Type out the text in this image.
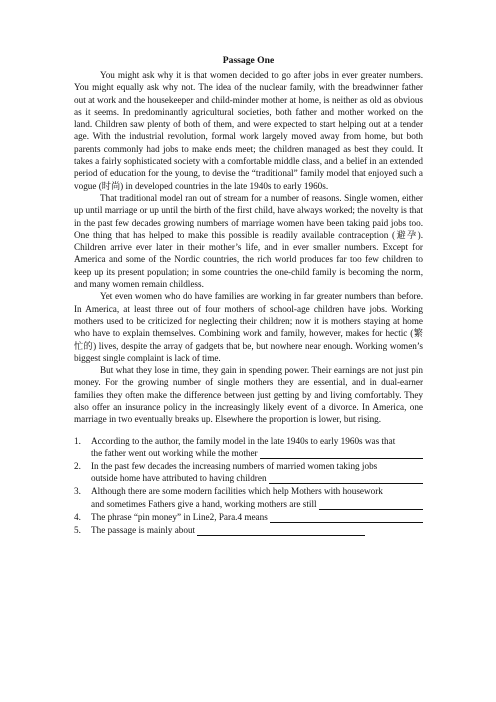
Passage One

You might ask why it is that women decided to go after jobs in ever greater numbers. You might equally ask why not. The idea of the nuclear family, with the breadwinner father out at work and the housekeeper and child-minder mother at home, is neither as old as obvious as it seems. In predominantly agricultural societies, both father and mother worked on the land. Children saw plenty of both of them, and were expected to start helping out at a tender age. With the industrial revolution, formal work largely moved away from home, but both parents commonly had jobs to make ends meet; the children managed as best they could. It takes a fairly sophisticated society with a comfortable middle class, and a belief in an extended period of education for the young, to devise the “traditional” family model that enjoyed such a vogue (时尚) in developed countries in the late 1940s to early 1960s.

That traditional model ran out of stream for a number of reasons. Single women, either up until marriage or up until the birth of the first child, have always worked; the novelty is that in the past few decades growing numbers of marriage women have been taking paid jobs too. One thing that has helped to make this possible is readily available contraception (避孕). Children arrive ever later in their mother’s life, and in ever smaller numbers. Except for America and some of the Nordic countries, the rich world produces far too few children to keep up its present population; in some countries the one-child family is becoming the norm, and many women remain childless.

Yet even women who do have families are working in far greater numbers than before. In America, at least three out of four mothers of school-age children have jobs. Working mothers used to be criticized for neglecting their children; now it is mothers staying at home who have to explain themselves. Combining work and family, however, makes for hectic (繁忙的) lives, despite the array of gadgets that be, but nowhere near enough. Working women’s biggest single complaint is lack of time.

But what they lose in time, they gain in spending power. Their earnings are not just pin money. For the growing number of single mothers they are essential, and in dual-earner families they often make the difference between just getting by and living comfortably. They also offer an insurance policy in the increasingly likely event of a divorce. In America, one marriage in two eventually breaks up. Elsewhere the proportion is lower, but rising.

1. According to the author, the family model in the late 1940s to early 1960s was that
the father went out working while the mother
2. In the past few decades the increasing numbers of married women taking jobs
outside home have attributed to having children
3. Although there are some modern facilities which help Mothers with housework
and sometimes Fathers give a hand, working mothers are still
4. The phrase “pin money” in Line2, Para.4 means
5. The passage is mainly about
